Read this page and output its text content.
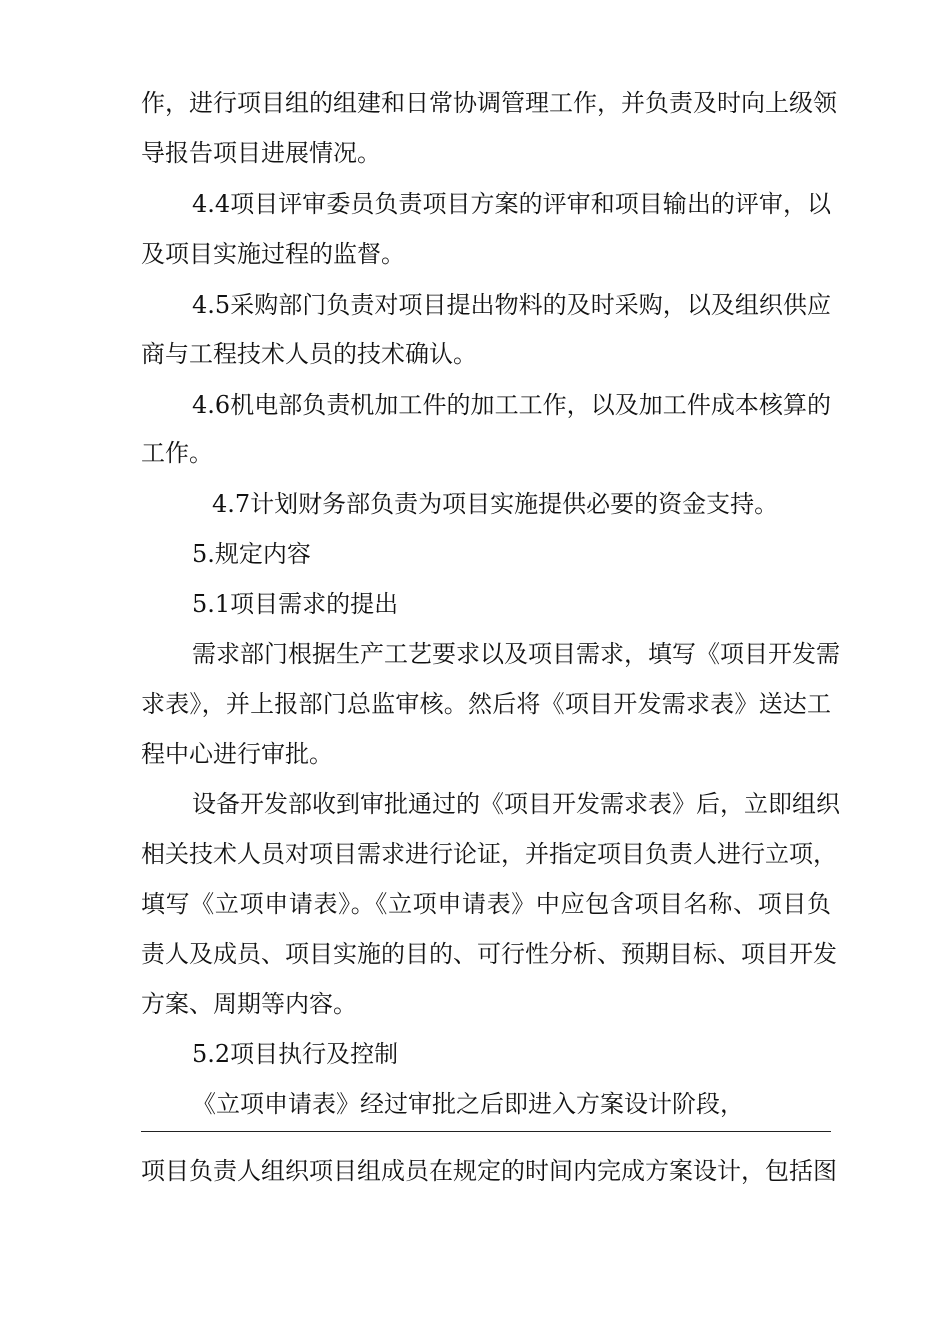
作，进行项目组的组建和日常协调管理工作，并负责及时向上级领
导报告项目进展情况。
4.4项目评审委员负责项目方案的评审和项目输出的评审，以
及项目实施过程的监督。
4.5采购部门负责对项目提出物料的及时采购，以及组织供应
商与工程技术人员的技术确认。
4.6机电部负责机加工件的加工工作，以及加工件成本核算的
工作。
4.7计划财务部负责为项目实施提供必要的资金支持。
5.规定内容
5.1项目需求的提出
需求部门根据生产工艺要求以及项目需求，填写《项目开发需
求表》，并上报部门总监审核。然后将《项目开发需求表》送达工
程中心进行审批。
设备开发部收到审批通过的《项目开发需求表》后，立即组织
相关技术人员对项目需求进行论证，并指定项目负责人进行立项，
填写《立项申请表》。《立项申请表》中应包含项目名称、项目负
责人及成员、项目实施的目的、可行性分析、预期目标、项目开发
方案、周期等内容。
5.2项目执行及控制
《立项申请表》经过审批之后即进入方案设计阶段，
项目负责人组织项目组成员在规定的时间内完成方案设计，包括图
